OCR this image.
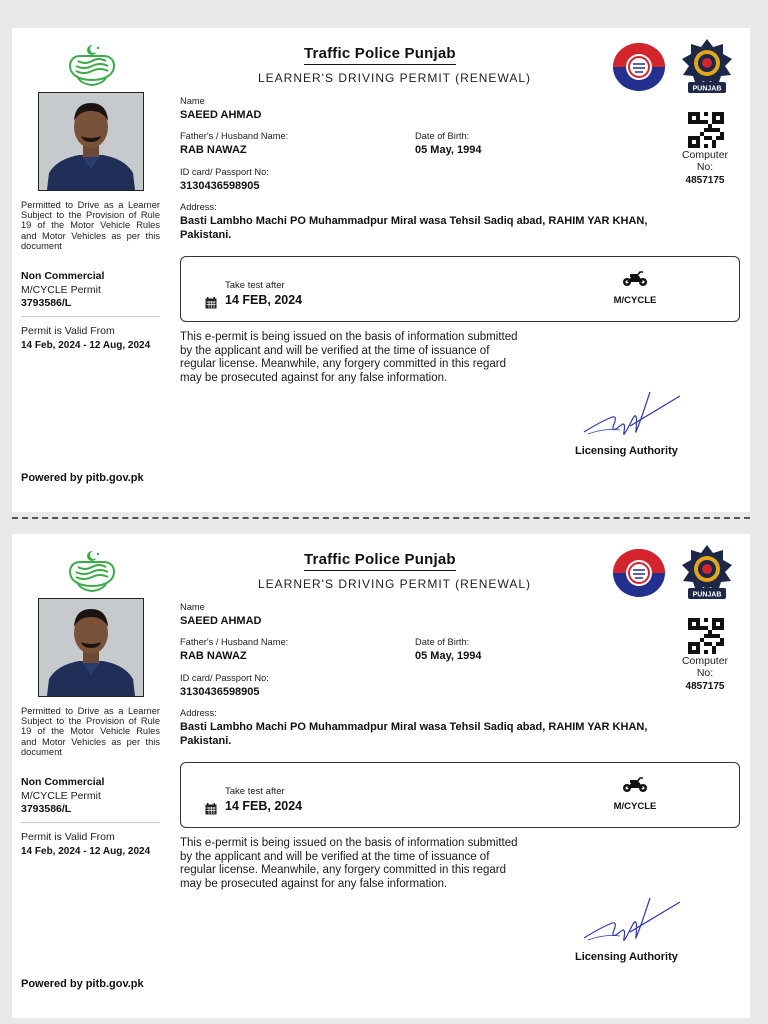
Permitted to Drive as a Learner Subject to the Provision of Rule 19 of the Motor Vehicle Rules and Motor Vehicles as per this document
Non Commercial
M/CYCLE Permit
3793586/L
Permit is Valid From
14 Feb, 2024 - 12 Aug, 2024
Powered by pitb.gov.pk
Traffic Police Punjab
LEARNER'S DRIVING PERMIT (RENEWAL)
PUNJAB
Name
SAEED AHMAD
Father's / Husband Name:
RAB NAWAZ
Date of Birth:
05 May, 1994
ID card/ Passport No:
3130436598905
Address:
Basti Lambho Machi PO Muhammadpur Miral wasa Tehsil Sadiq abad, RAHIM YAR KHAN, Pakistani.
Computer No:
4857175
Take test after
14 FEB, 2024	M/CYCLE
This e-permit is being issued on the basis of information submitted by the applicant and will be verified at the time of issuance of regular license. Meanwhile, any forgery committed in this regard may be prosecuted against for any false information.
Licensing Authority
Permitted to Drive as a Learner Subject to the Provision of Rule 19 of the Motor Vehicle Rules and Motor Vehicles as per this document
Non Commercial
M/CYCLE Permit
3793586/L
Permit is Valid From
14 Feb, 2024 - 12 Aug, 2024
Powered by pitb.gov.pk
Traffic Police Punjab
LEARNER'S DRIVING PERMIT (RENEWAL)
PUNJAB
Name
SAEED AHMAD
Father's / Husband Name:
RAB NAWAZ
Date of Birth:
05 May, 1994
ID card/ Passport No:
3130436598905
Address:
Basti Lambho Machi PO Muhammadpur Miral wasa Tehsil Sadiq abad, RAHIM YAR KHAN, Pakistani.
Computer No:
4857175
Take test after
14 FEB, 2024	M/CYCLE
This e-permit is being issued on the basis of information submitted by the applicant and will be verified at the time of issuance of regular license. Meanwhile, any forgery committed in this regard may be prosecuted against for any false information.
Licensing Authority
